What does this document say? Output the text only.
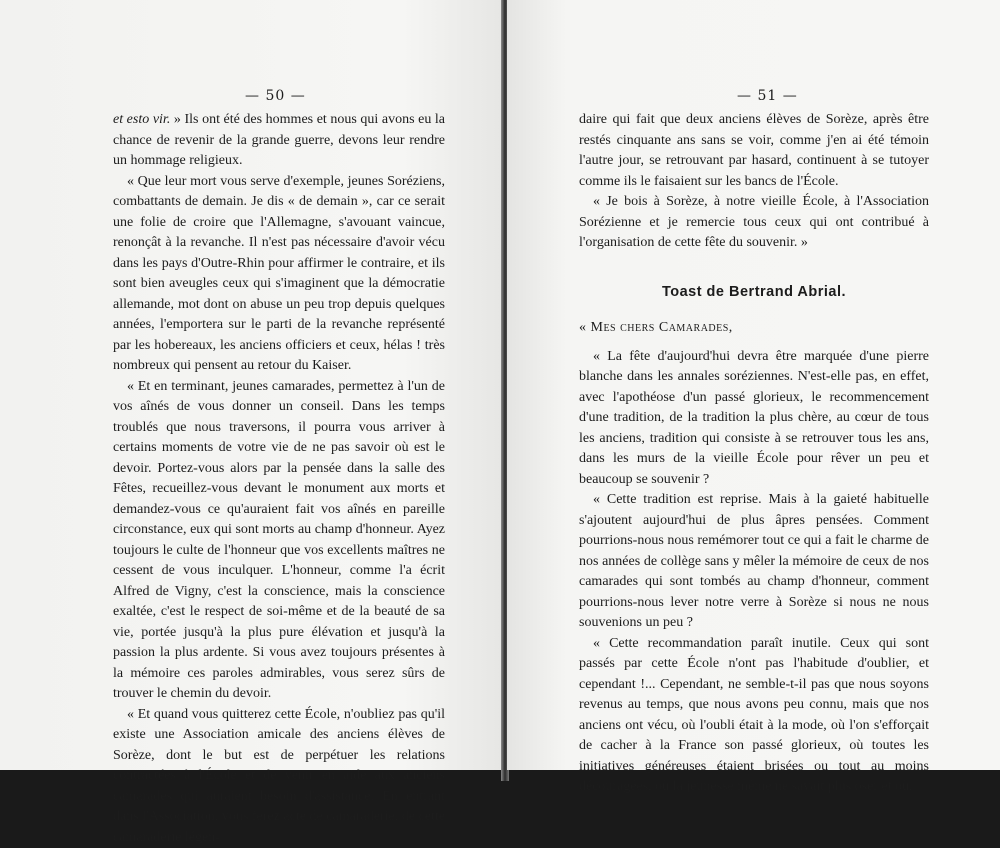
— 50 —

et esto vir. » Ils ont été des hommes et nous qui avons eu la chance de revenir de la grande guerre, devons leur rendre un hommage religieux.

« Que leur mort vous serve d'exemple, jeunes Soréziens, combattants de demain. Je dis « de demain », car ce serait une folie de croire que l'Allemagne, s'avouant vaincue, renonçât à la revanche. Il n'est pas nécessaire d'avoir vécu dans les pays d'Outre-Rhin pour affirmer le contraire, et ils sont bien aveugles ceux qui s'imaginent que la démocratie allemande, mot dont on abuse un peu trop depuis quelques années, l'emportera sur le parti de la revanche représenté par les hobereaux, les anciens officiers et ceux, hélas ! très nombreux qui pensent au retour du Kaiser.

« Et en terminant, jeunes camarades, permettez à l'un de vos aînés de vous donner un conseil. Dans les temps troublés que nous traversons, il pourra vous arriver à certains moments de votre vie de ne pas savoir où est le devoir. Portez-vous alors par la pensée dans la salle des Fêtes, recueillez-vous devant le monument aux morts et demandez-vous ce qu'auraient fait vos aînés en pareille circonstance, eux qui sont morts au champ d'honneur. Ayez toujours le culte de l'honneur que vos excellents maîtres ne cessent de vous inculquer. L'honneur, comme l'a écrit Alfred de Vigny, c'est la conscience, mais la conscience exaltée, c'est le respect de soi-même et de la beauté de sa vie, portée jusqu'à la plus pure élévation et jusqu'à la passion la plus ardente. Si vous avez toujours présentes à la mémoire ces paroles admirables, vous serez sûrs de trouver le chemin du devoir.

« Et quand vous quitterez cette École, n'oubliez pas qu'il existe une Association amicale des anciens élèves de Sorèze, dont le but est de perpétuer les relations contractées à l'École et de venir en aide aux anciens camarades qui auraient besoin d'assistance. En entrant dans l'Association, vous ferez acte de camaraderie, de cette camaraderie légen-

— 51 —

daire qui fait que deux anciens élèves de Sorèze, après être restés cinquante ans sans se voir, comme j'en ai été témoin l'autre jour, se retrouvant par hasard, continuent à se tutoyer comme ils le faisaient sur les bancs de l'École.

« Je bois à Sorèze, à notre vieille École, à l'Association Sorézienne et je remercie tous ceux qui ont contribué à l'organisation de cette fête du souvenir. »

Toast de Bertrand Abrial.

« Mes chers Camarades,

« La fête d'aujourd'hui devra être marquée d'une pierre blanche dans les annales soréziennes. N'est-elle pas, en effet, avec l'apothéose d'un passé glorieux, le recommencement d'une tradition, de la tradition la plus chère, au cœur de tous les anciens, tradition qui consiste à se retrouver tous les ans, dans les murs de la vieille École pour rêver un peu et beaucoup se souvenir ?

« Cette tradition est reprise. Mais à la gaieté habituelle s'ajoutent aujourd'hui de plus âpres pensées. Comment pourrions-nous nous remémorer tout ce qui a fait le charme de nos années de collège sans y mêler la mémoire de ceux de nos camarades qui sont tombés au champ d'honneur, comment pourrions-nous lever notre verre à Sorèze si nous ne nous souvenions un peu ?

« Cette recommandation paraît inutile. Ceux qui sont passés par cette École n'ont pas l'habitude d'oublier, et cependant !... Cependant, ne semble-t-il pas que nous soyons revenus au temps, que nous avons peu connu, mais que nos anciens ont vécu, où l'oubli était à la mode, où l'on s'efforçait de cacher à la France son passé glorieux, où toutes les initiatives généreuses étaient brisées ou tout au moins découragées, où la jeunesse même ne savait plus oser et où,
